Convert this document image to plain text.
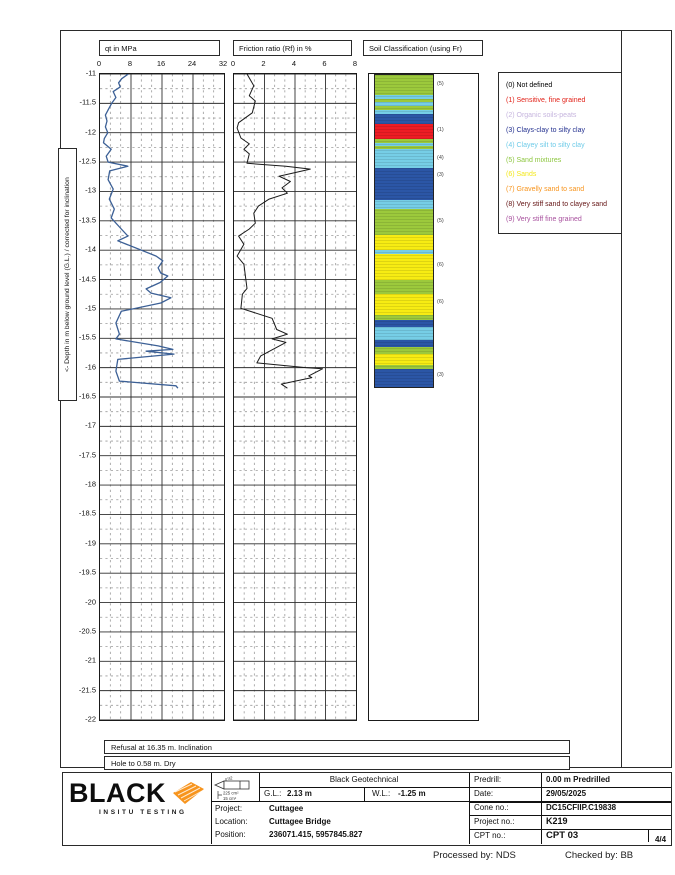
<- Depth in m below ground level (G.L.) / corrected for inclination
qt in MPa	Friction ratio (Rf) in %	Soil Classification (using Fr)
0	8	16	24	32 0	2	4	6	8
-11
-11.5
-12
-12.5
-13
-13.5
-14
-14.5
-15
-15.5
-16
-16.5
-17
-17.5
-18
-18.5
-19
-19.5
-20
-20.5
-21
-21.5
-22
(5)
(1)
(4)
(3)
(5)
(6)
(6)
(3)
(0) Not defined
(1) Sensitive, fine grained
(2) Organic soils-peats
(3) Clays-clay to silty clay
(4) Clayey silt to silty clay
(5) Sand mixtures
(6) Sands
(7) Gravelly sand to sand
(8) Very stiff sand to clayey sand
(9) Very stiff fine grained
Refusal at 16.35 m. Inclination
Hole to 0.58 m. Dry
BLACK
INSITU TESTING
u2
225 cm²
15 cm²
Black Geotechnical
G.L.: 2.13 m	W.L.: -1.25 m
Project:	Cuttagee
Location:	Cuttagee Bridge
Position:	236071.415, 5957845.827
Predrill:	0.00 m Predrilled
Date:	29/05/2025
Cone no.:	DC15CFIIP.C19838
Project no.:	K219
CPT no.:	CPT 03	4/4
Processed by: NDS	Checked by: BB
